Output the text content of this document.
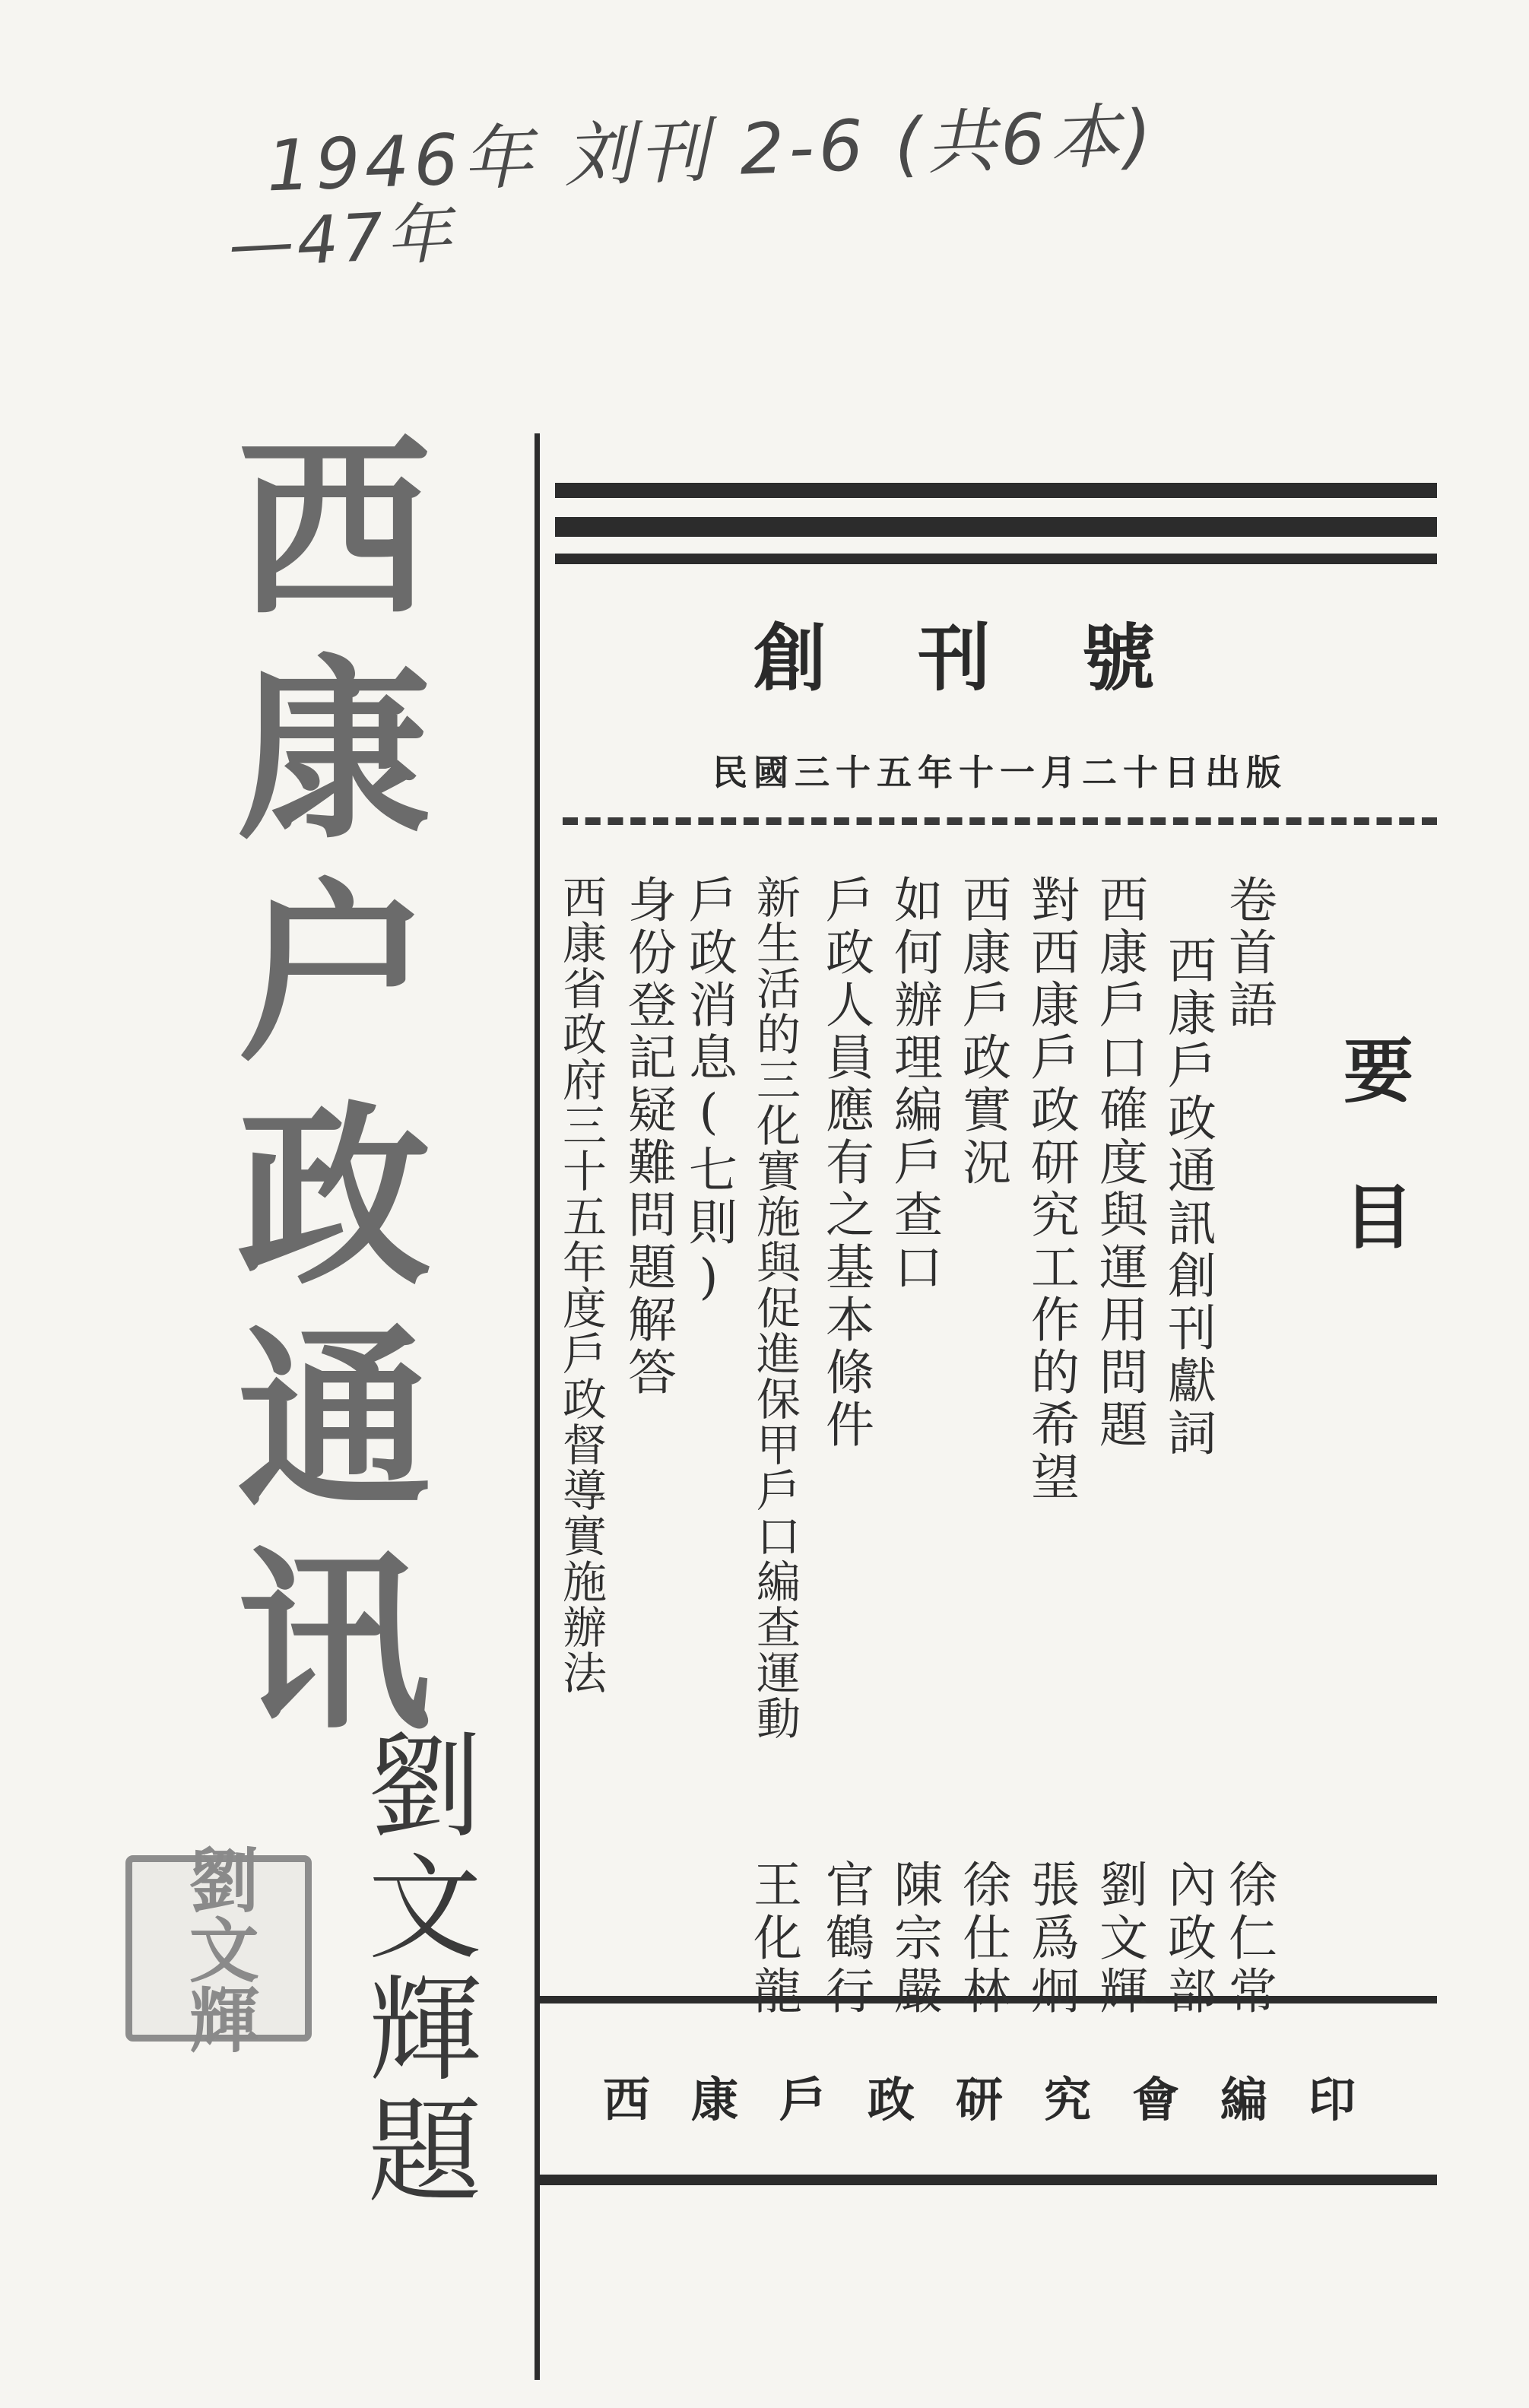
1946年 刘刊 2-6 (共6本)
—47年
西康户政通讯
劉文輝題
劉文輝
創刊號
民國三十五年十一月二十日出版
要目
卷首語
西康戶政通訊創刊獻詞
西康戶口確度與運用問題
對西康戶政研究工作的希望
西康戶政實況
如何辦理編戶查口
戶政人員應有之基本條件
新生活的三化實施與促進保甲戶口編查運動
戶政消息(七則)
身份登記疑難問題解答
西康省政府三十五年度戶政督導實施辦法
徐仁常
內政部
劉文輝
張爲炯
徐仕林
陳宗嚴
官鶴行
王化龍
西康戶政研究會編印
